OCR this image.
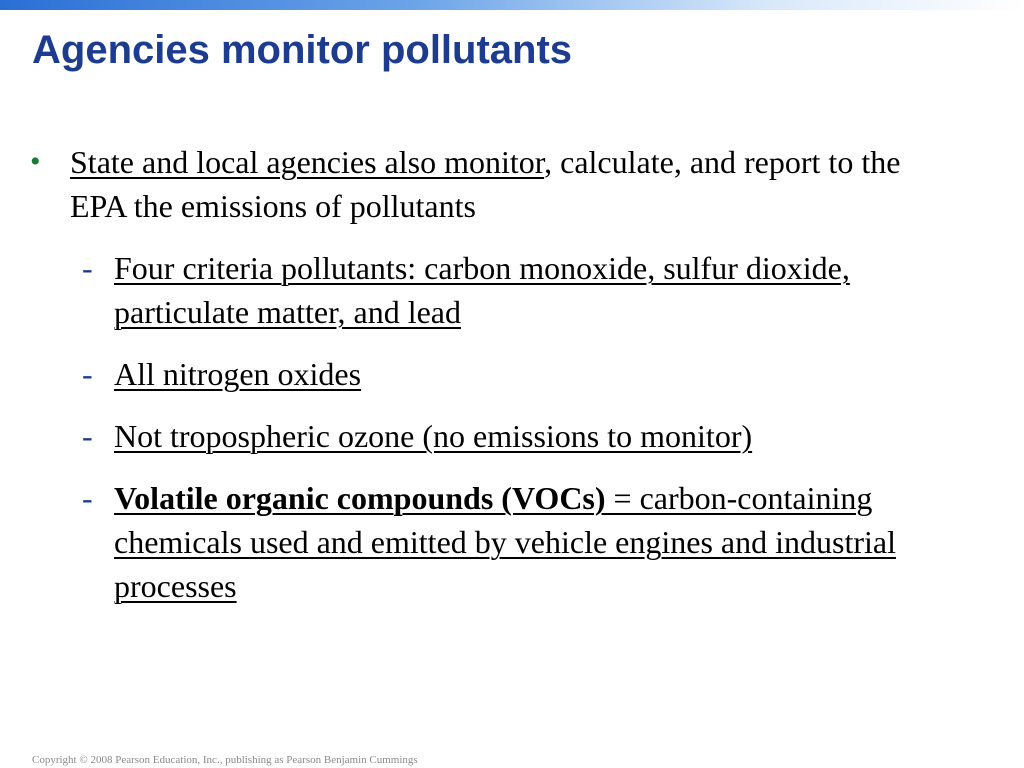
Agencies monitor pollutants
• State and local agencies also monitor, calculate, and report to the EPA the emissions of pollutants
- Four criteria pollutants: carbon monoxide, sulfur dioxide, particulate matter, and lead
- All nitrogen oxides
- Not tropospheric ozone (no emissions to monitor)
- Volatile organic compounds (VOCs) = carbon-containing chemicals used and emitted by vehicle engines and industrial processes
Copyright © 2008 Pearson Education, Inc., publishing as Pearson Benjamin Cummings
